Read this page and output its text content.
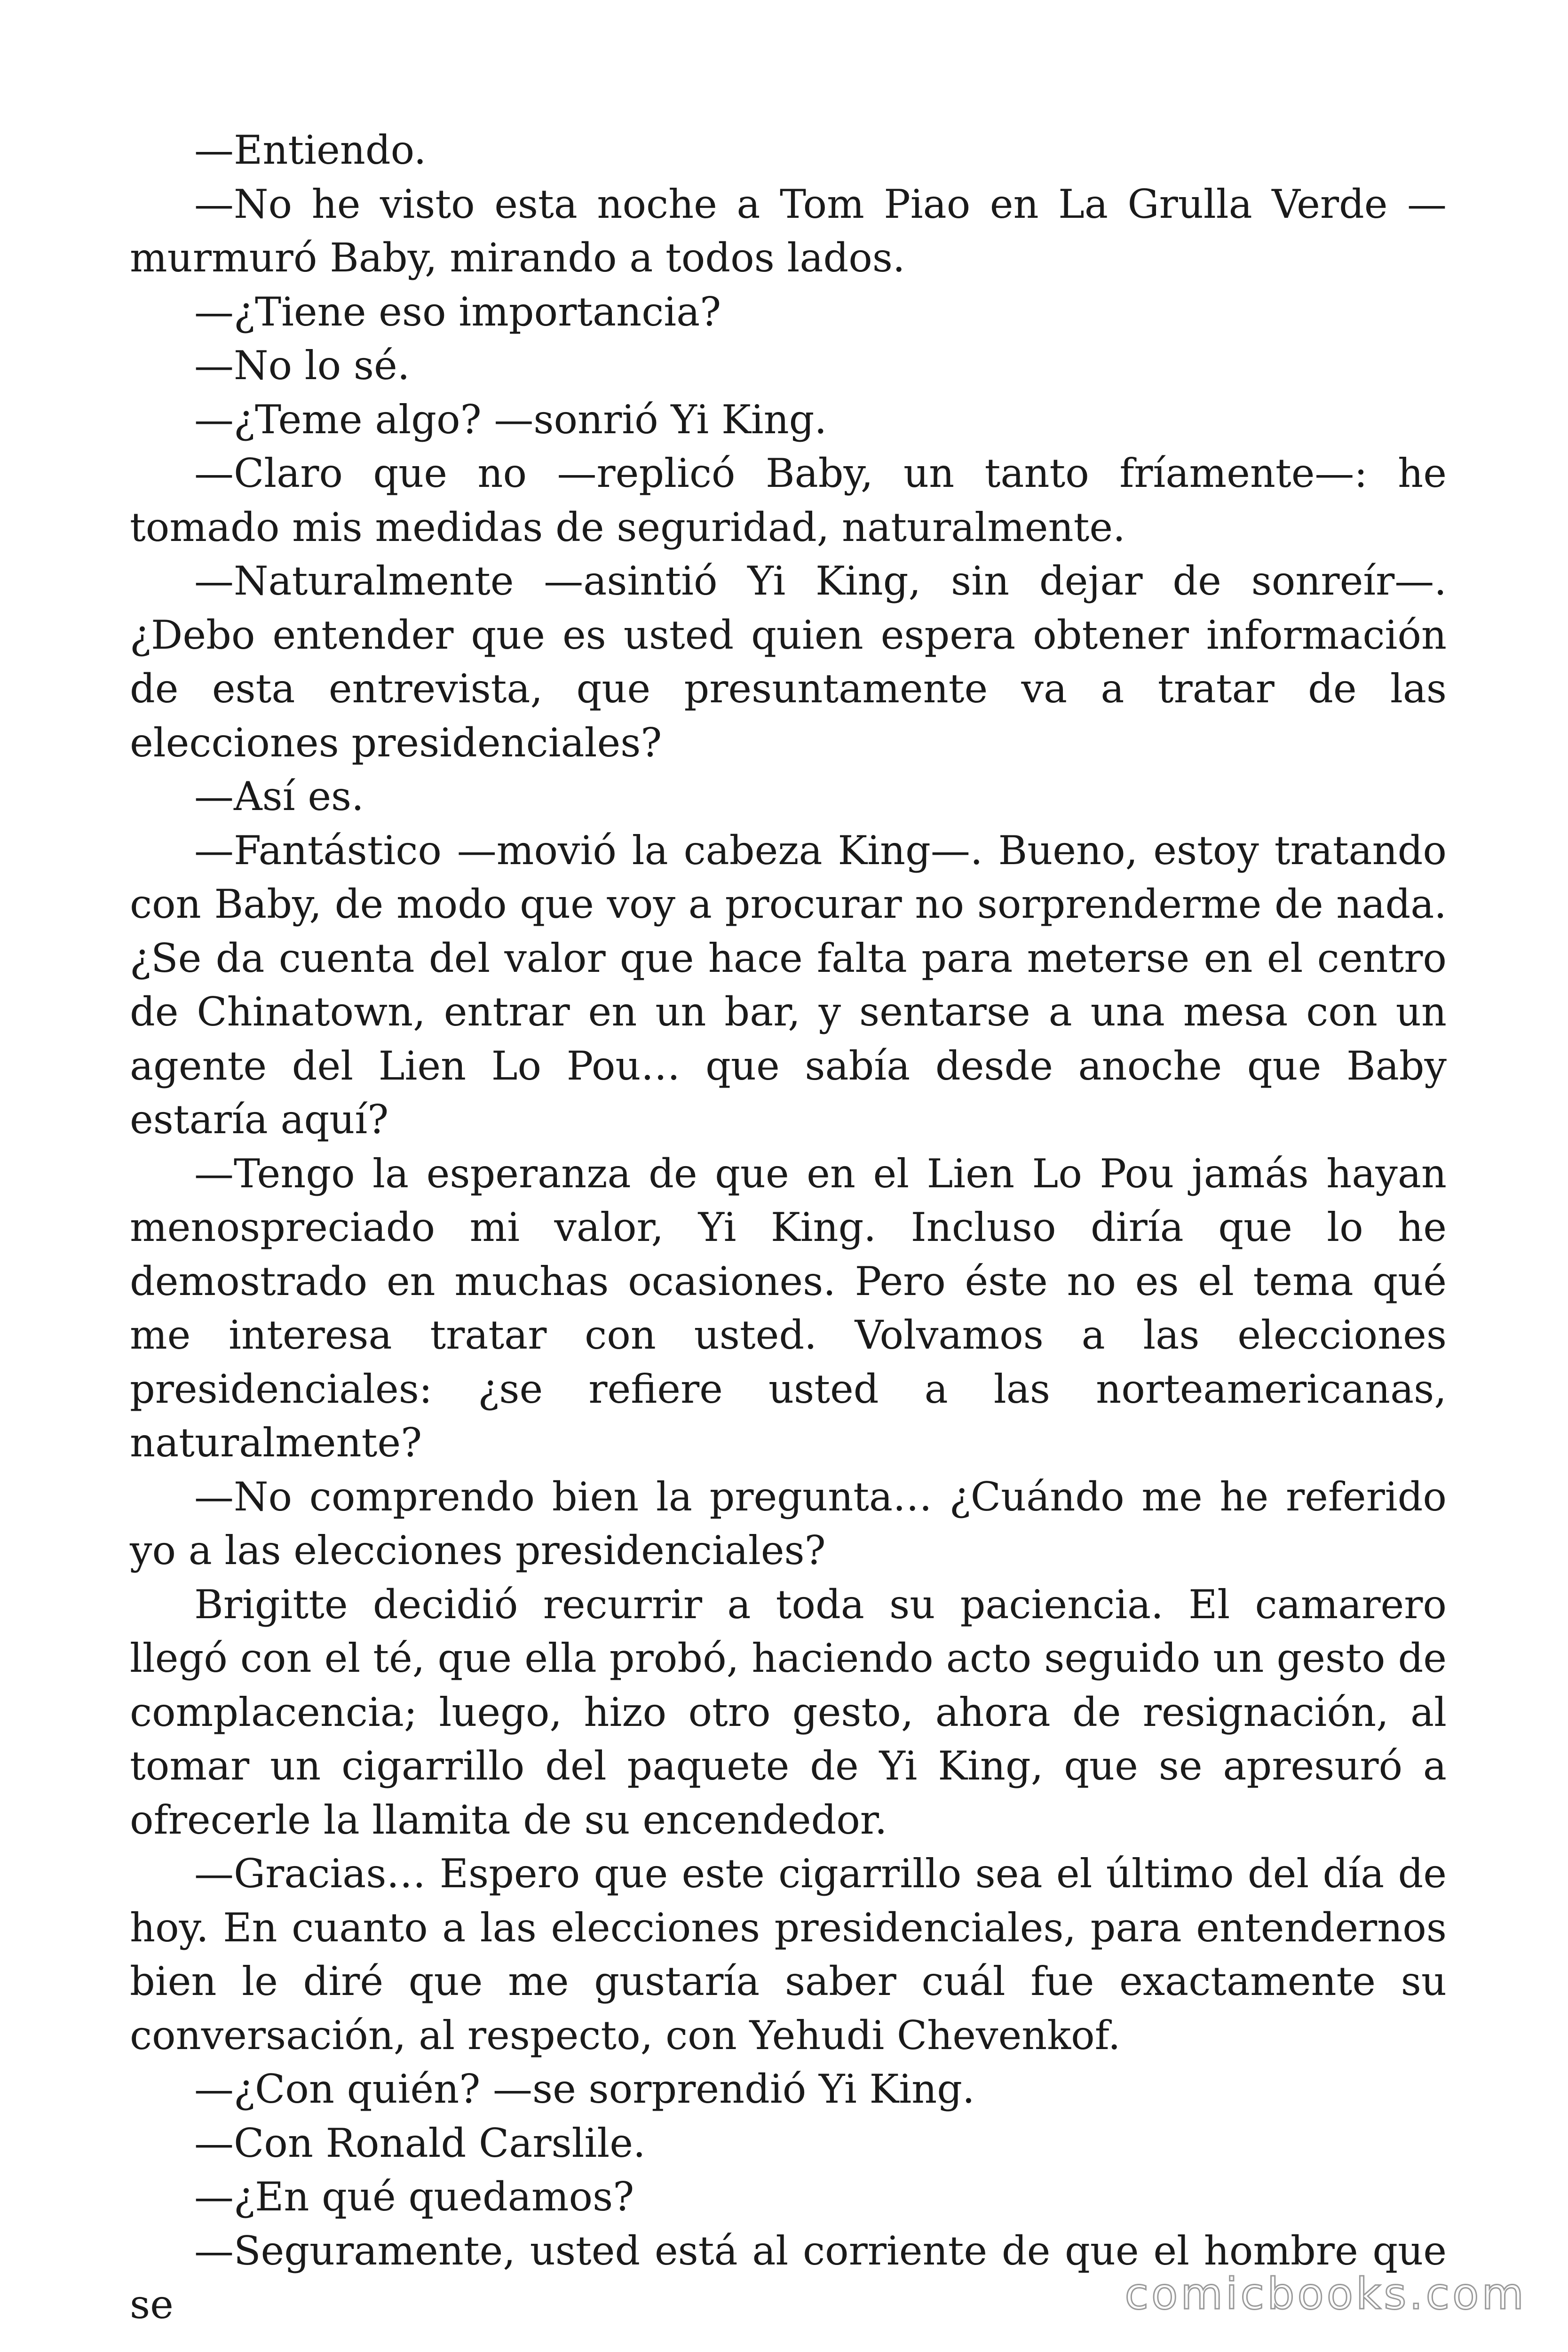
—Entiendo.

—No he visto esta noche a Tom Piao en La Grulla Verde —murmuró Baby, mirando a todos lados.

—¿Tiene eso importancia?

—No lo sé.

—¿Teme algo? —sonrió Yi King.

—Claro que no —replicó Baby, un tanto fríamente—: he tomado mis medidas de seguridad, naturalmente.

—Naturalmente —asintió Yi King, sin dejar de sonreír—. ¿Debo entender que es usted quien espera obtener información de esta entrevista, que presuntamente va a tratar de las elecciones presidenciales?

—Así es.

—Fantástico —movió la cabeza King—. Bueno, estoy tratando con Baby, de modo que voy a procurar no sorprenderme de nada. ¿Se da cuenta del valor que hace falta para meterse en el centro de Chinatown, entrar en un bar, y sentarse a una mesa con un agente del Lien Lo Pou… que sabía desde anoche que Baby estaría aquí?

—Tengo la esperanza de que en el Lien Lo Pou jamás hayan menospreciado mi valor, Yi King. Incluso diría que lo he demostrado en muchas ocasiones. Pero éste no es el tema qué me interesa tratar con usted. Volvamos a las elecciones presidenciales: ¿se refiere usted a las norteamericanas, naturalmente?

—No comprendo bien la pregunta… ¿Cuándo me he referido yo a las elecciones presidenciales?

Brigitte decidió recurrir a toda su paciencia. El camarero llegó con el té, que ella probó, haciendo acto seguido un gesto de complacencia; luego, hizo otro gesto, ahora de resignación, al tomar un cigarrillo del paquete de Yi King, que se apresuró a ofrecerle la llamita de su encendedor.

—Gracias… Espero que este cigarrillo sea el último del día de hoy. En cuanto a las elecciones presidenciales, para entendernos bien le diré que me gustaría saber cuál fue exactamente su conversación, al respecto, con Yehudi Chevenkof.

—¿Con quién? —se sorprendió Yi King.

—Con Ronald Carslile.

—¿En qué quedamos?

—Seguramente, usted está al corriente de que el hombre que se	comicbooks.com
